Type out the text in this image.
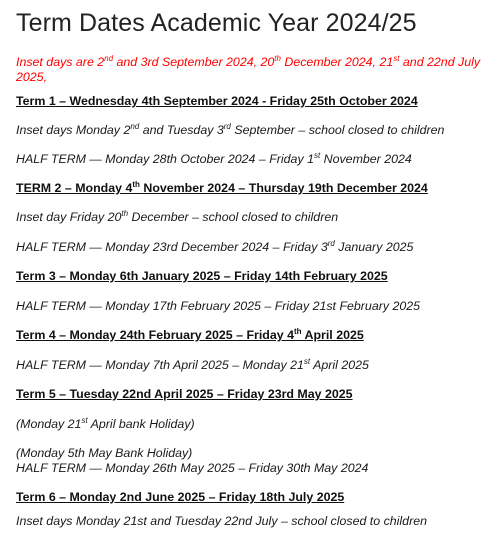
Term Dates Academic Year 2024/25
Inset days are 2nd and 3rd September 2024, 20th December 2024, 21st and 22nd July 2025,
Term 1 – Wednesday 4th September 2024 - Friday 25th October 2024
Inset days Monday 2nd and Tuesday 3rd September – school closed to children
HALF TERM — Monday 28th October 2024 – Friday 1st November 2024
TERM 2 – Monday 4th November 2024 – Thursday 19th December 2024
Inset day Friday 20th December – school closed to children
HALF TERM — Monday 23rd December 2024 – Friday 3rd January 2025
Term 3 – Monday 6th January 2025 – Friday 14th February 2025
HALF TERM — Monday 17th February 2025 – Friday 21st February 2025
Term 4 – Monday 24th February 2025 – Friday 4th April 2025
HALF TERM — Monday 7th April 2025 – Monday 21st April 2025
Term 5 – Tuesday 22nd April 2025 – Friday 23rd May 2025
(Monday 21st April bank Holiday)
(Monday 5th May Bank Holiday)
HALF TERM — Monday 26th May 2025 – Friday 30th May 2024
Term 6 – Monday 2nd June 2025 – Friday 18th July 2025
Inset days Monday 21st and Tuesday 22nd July – school closed to children
